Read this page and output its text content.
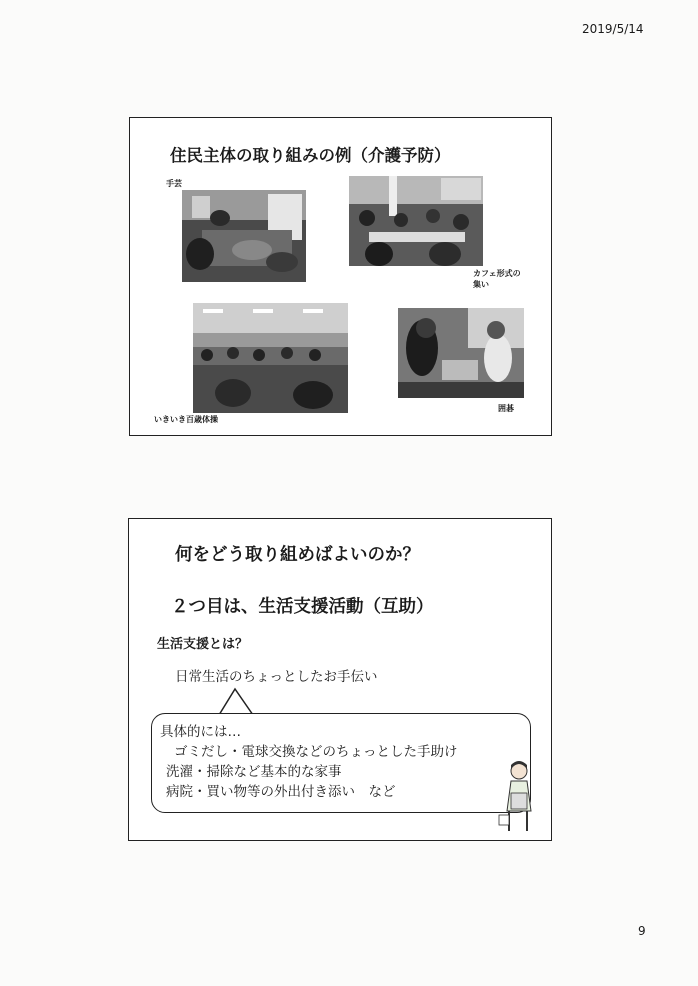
2019/5/14
住民主体の取り組みの例（介護予防）
手芸
カフェ形式の集い
いきいき百歳体操
囲碁
何をどう取り組めばよいのか？
２つ目は、生活支援活動（互助）
生活支援とは？
日常生活のちょっとしたお手伝い
具体的には…
ゴミだし・電球交換などのちょっとした手助け
洗濯・掃除など基本的な家事
病院・買い物等の外出付き添い　など
9
